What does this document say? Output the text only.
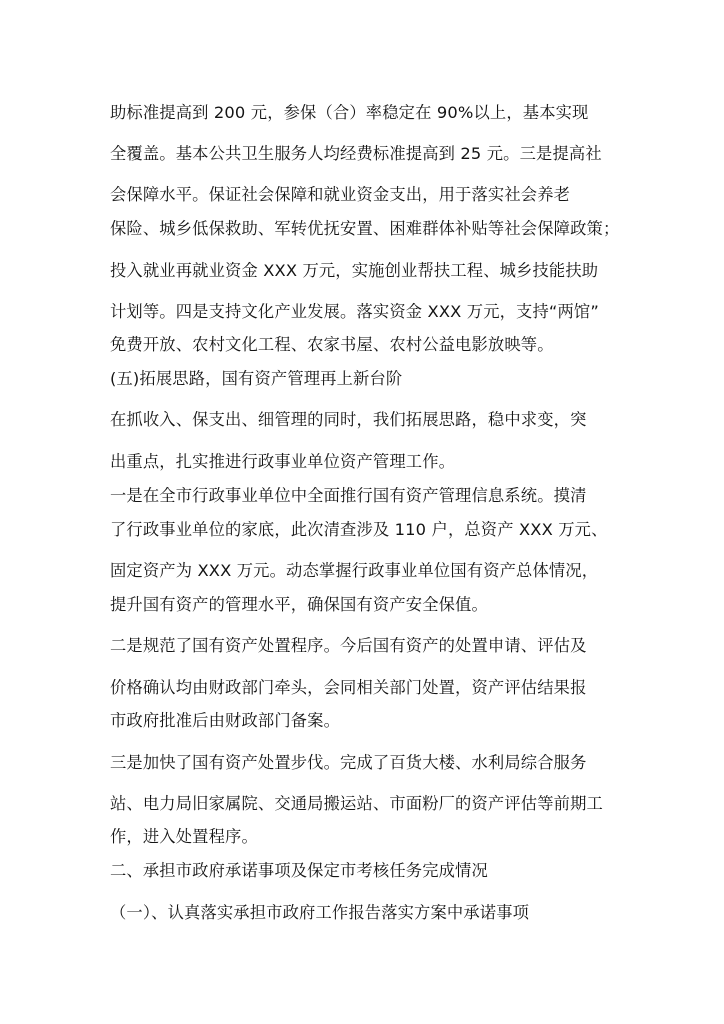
助标准提高到 200 元，参保（合）率稳定在 90%以上，基本实现
全覆盖。基本公共卫生服务人均经费标准提高到 25 元。三是提高社
会保障水平。保证社会保障和就业资金支出，用于落实社会养老
保险、城乡低保救助、军转优抚安置、困难群体补贴等社会保障政策；
投入就业再就业资金 XXX 万元，实施创业帮扶工程、城乡技能扶助
计划等。四是支持文化产业发展。落实资金 XXX 万元，支持“两馆”
免费开放、农村文化工程、农家书屋、农村公益电影放映等。
(五)拓展思路，国有资产管理再上新台阶
在抓收入、保支出、细管理的同时，我们拓展思路，稳中求变，突
出重点，扎实推进行政事业单位资产管理工作。
一是在全市行政事业单位中全面推行国有资产管理信息系统。摸清
了行政事业单位的家底，此次清查涉及 110 户，总资产 XXX 万元、
固定资产为 XXX 万元。动态掌握行政事业单位国有资产总体情况，
提升国有资产的管理水平，确保国有资产安全保值。
二是规范了国有资产处置程序。今后国有资产的处置申请、评估及
价格确认均由财政部门牵头，会同相关部门处置，资产评估结果报
市政府批准后由财政部门备案。
三是加快了国有资产处置步伐。完成了百货大楼、水利局综合服务
站、电力局旧家属院、交通局搬运站、市面粉厂的资产评估等前期工
作，进入处置程序。
二、承担市政府承诺事项及保定市考核任务完成情况
（一）、认真落实承担市政府工作报告落实方案中承诺事项
